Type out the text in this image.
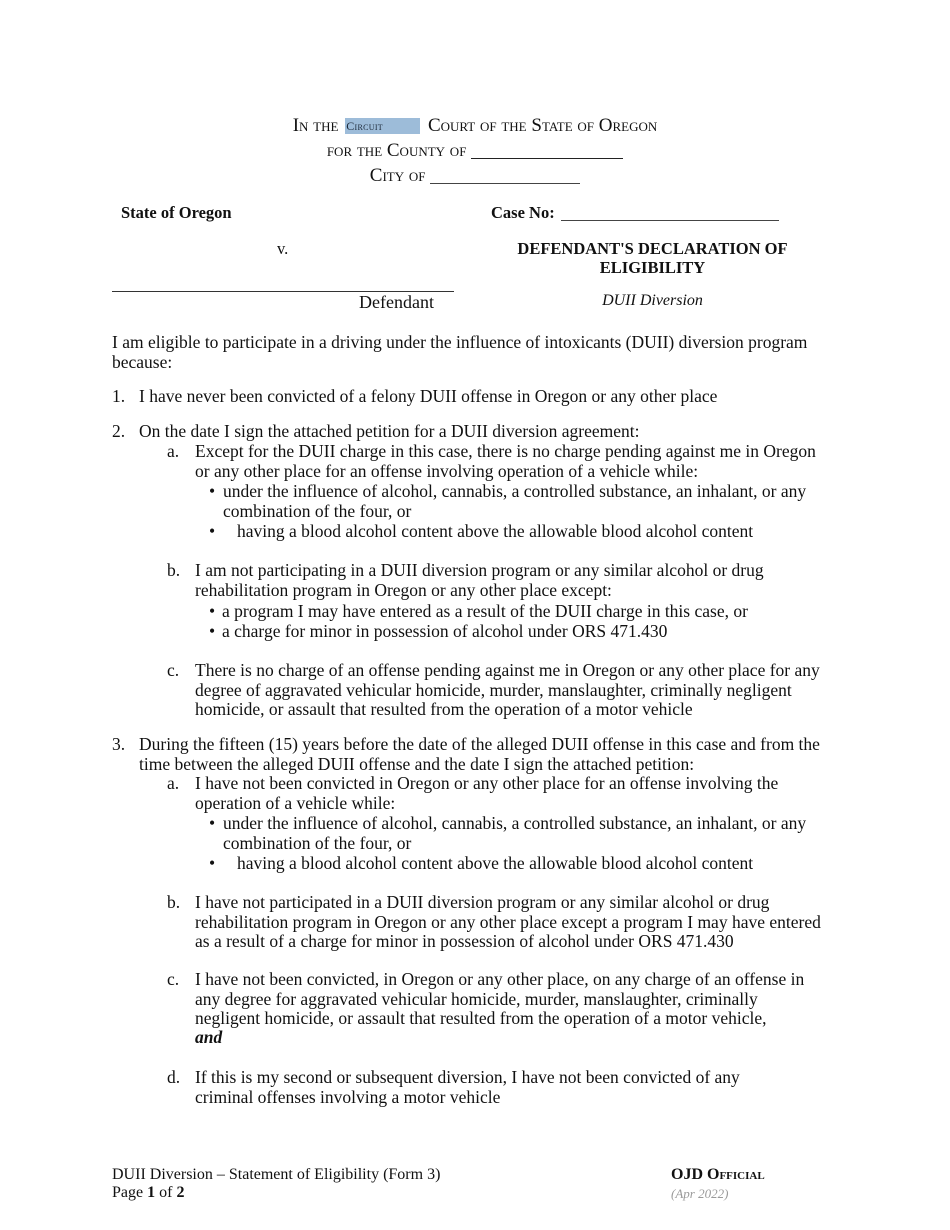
In the Circuit Court of the State of Oregon
for the County of
City of
State of Oregon	Case No:
v.	DEFENDANT'S DECLARATION OF ELIGIBILITY
Defendant	DUII Diversion
I am eligible to participate in a driving under the influence of intoxicants (DUII) diversion program because:
1. I have never been convicted of a felony DUII offense in Oregon or any other place
2. On the date I sign the attached petition for a DUII diversion agreement:
a. Except for the DUII charge in this case, there is no charge pending against me in Oregon or any other place for an offense involving operation of a vehicle while:
• under the influence of alcohol, cannabis, a controlled substance, an inhalant, or any combination of the four, or
• having a blood alcohol content above the allowable blood alcohol content
b. I am not participating in a DUII diversion program or any similar alcohol or drug rehabilitation program in Oregon or any other place except:
• a program I may have entered as a result of the DUII charge in this case, or
• a charge for minor in possession of alcohol under ORS 471.430
c. There is no charge of an offense pending against me in Oregon or any other place for any degree of aggravated vehicular homicide, murder, manslaughter, criminally negligent homicide, or assault that resulted from the operation of a motor vehicle
3. During the fifteen (15) years before the date of the alleged DUII offense in this case and from the time between the alleged DUII offense and the date I sign the attached petition:
a. I have not been convicted in Oregon or any other place for an offense involving the operation of a vehicle while:
• under the influence of alcohol, cannabis, a controlled substance, an inhalant, or any combination of the four, or
• having a blood alcohol content above the allowable blood alcohol content
b. I have not participated in a DUII diversion program or any similar alcohol or drug rehabilitation program in Oregon or any other place except a program I may have entered as a result of a charge for minor in possession of alcohol under ORS 471.430
c. I have not been convicted, in Oregon or any other place, on any charge of an offense in any degree for aggravated vehicular homicide, murder, manslaughter, criminally negligent homicide, or assault that resulted from the operation of a motor vehicle,
and
d. If this is my second or subsequent diversion, I have not been convicted of any criminal offenses involving a motor vehicle
DUII Diversion – Statement of Eligibility (Form 3)
Page 1 of 2
OJD Official
(Apr 2022)
